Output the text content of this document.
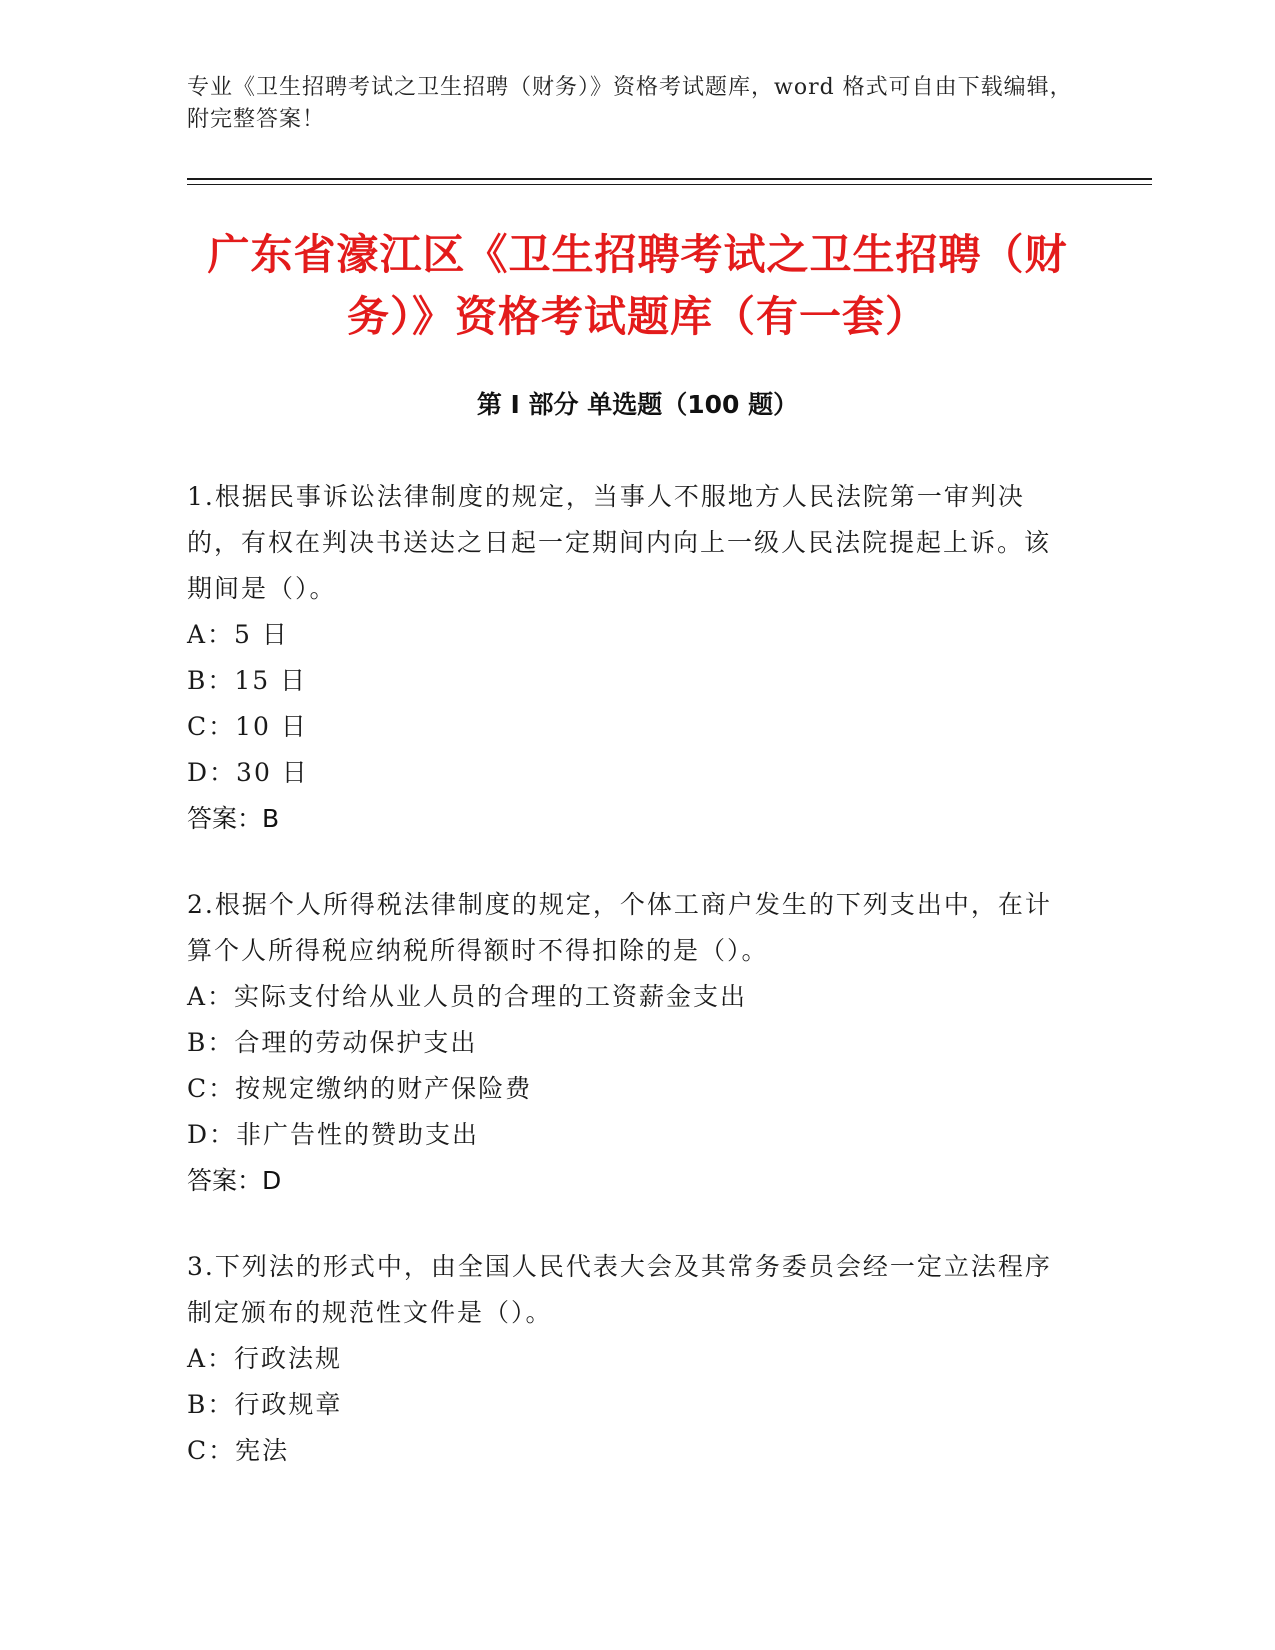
专业《卫生招聘考试之卫生招聘（财务）》资格考试题库，word 格式可自由下载编辑，附完整答案！
广东省濠江区《卫生招聘考试之卫生招聘（财务）》资格考试题库（有一套）
第 I 部分 单选题（100 题）

1.根据民事诉讼法律制度的规定，当事人不服地方人民法院第一审判决的，有权在判决书送达之日起一定期间内向上一级人民法院提起上诉。该期间是（）。

A：5 日

B：15 日

C：10 日

D：30 日

答案：B

2.根据个人所得税法律制度的规定，个体工商户发生的下列支出中，在计算个人所得税应纳税所得额时不得扣除的是（）。

A：实际支付给从业人员的合理的工资薪金支出

B：合理的劳动保护支出

C：按规定缴纳的财产保险费

D：非广告性的赞助支出

答案：D

3.下列法的形式中，由全国人民代表大会及其常务委员会经一定立法程序制定颁布的规范性文件是（）。

A：行政法规

B：行政规章

C：宪法
